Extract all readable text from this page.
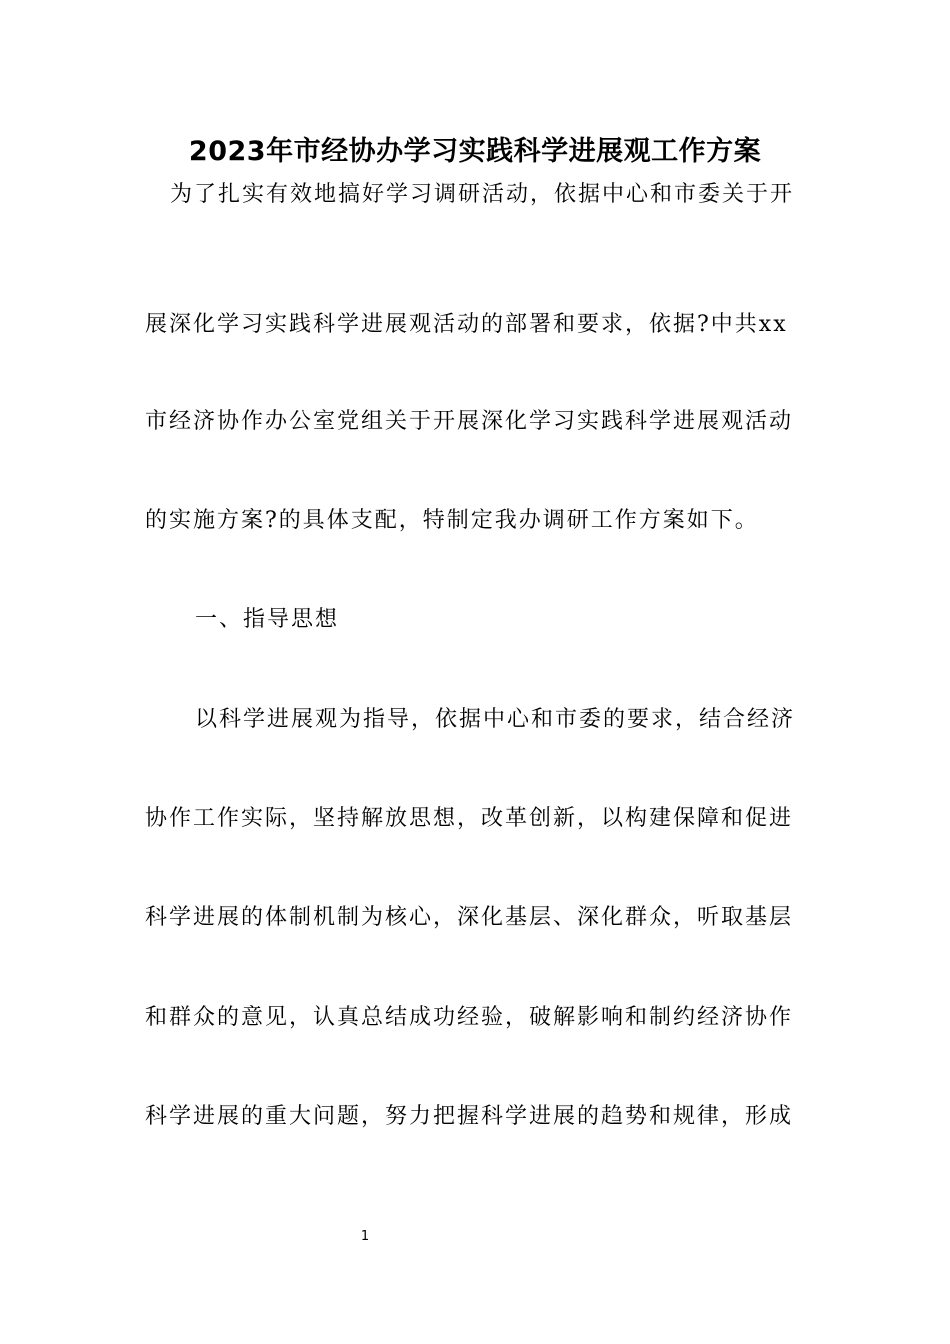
2023年市经协办学习实践科学进展观工作方案
为了扎实有效地搞好学习调研活动，依据中心和市委关于开
展深化学习实践科学进展观活动的部署和要求，依据?中共xx
市经济协作办公室党组关于开展深化学习实践科学进展观活动
的实施方案?的具体支配，特制定我办调研工作方案如下。
一、指导思想
以科学进展观为指导，依据中心和市委的要求，结合经济
协作工作实际，坚持解放思想，改革创新，以构建保障和促进
科学进展的体制机制为核心，深化基层、深化群众，听取基层
和群众的意见，认真总结成功经验，破解影响和制约经济协作
科学进展的重大问题，努力把握科学进展的趋势和规律，形成
1
